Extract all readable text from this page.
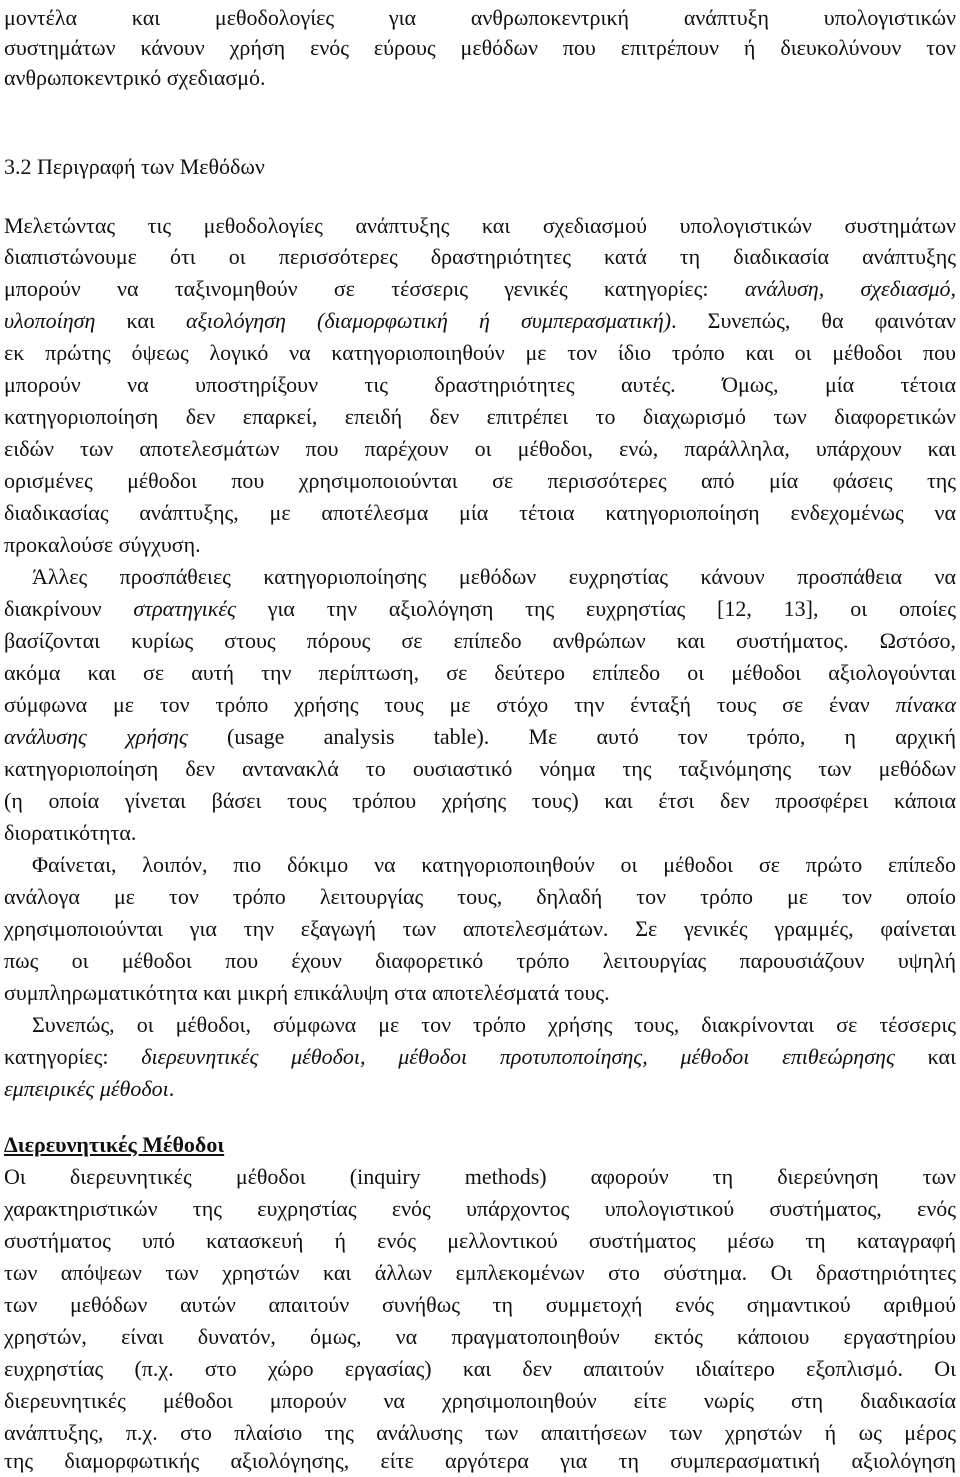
μοντέλα και μεθοδολογίες για ανθρωποκεντρική ανάπτυξη υπολογιστικών
συστημάτων κάνουν χρήση ενός εύρους μεθόδων που επιτρέπουν ή διευκολύνουν τον
ανθρωποκεντρικό σχεδιασμό.
3.2 Περιγραφή των Μεθόδων
Μελετώντας τις μεθοδολογίες ανάπτυξης και σχεδιασμού υπολογιστικών συστημάτων
διαπιστώνουμε ότι οι περισσότερες δραστηριότητες κατά τη διαδικασία ανάπτυξης
μπορούν να ταξινομηθούν σε τέσσερις γενικές κατηγορίες: ανάλυση, σχεδιασμό,
υλοποίηση και αξιολόγηση (διαμορφωτική ή συμπερασματική). Συνεπώς, θα φαινόταν
εκ πρώτης όψεως λογικό να κατηγοριοποιηθούν με τον ίδιο τρόπο και οι μέθοδοι που
μπορούν να υποστηρίξουν τις δραστηριότητες αυτές. Όμως, μία τέτοια
κατηγοριοποίηση δεν επαρκεί, επειδή δεν επιτρέπει το διαχωρισμό των διαφορετικών
ειδών των αποτελεσμάτων που παρέχουν οι μέθοδοι, ενώ, παράλληλα, υπάρχουν και
ορισμένες μέθοδοι που χρησιμοποιούνται σε περισσότερες από μία φάσεις της
διαδικασίας ανάπτυξης, με αποτέλεσμα μία τέτοια κατηγοριοποίηση ενδεχομένως να
προκαλούσε σύγχυση.
Άλλες προσπάθειες κατηγοριοποίησης μεθόδων ευχρηστίας κάνουν προσπάθεια να
διακρίνουν στρατηγικές για την αξιολόγηση της ευχρηστίας [12, 13], οι οποίες
βασίζονται κυρίως στους πόρους σε επίπεδο ανθρώπων και συστήματος. Ωστόσο,
ακόμα και σε αυτή την περίπτωση, σε δεύτερο επίπεδο οι μέθοδοι αξιολογούνται
σύμφωνα με τον τρόπο χρήσης τους με στόχο την ένταξή τους σε έναν πίνακα
ανάλυσης χρήσης (usage analysis table). Με αυτό τον τρόπο, η αρχική
κατηγοριοποίηση δεν αντανακλά το ουσιαστικό νόημα της ταξινόμησης των μεθόδων
(η οποία γίνεται βάσει τους τρόπου χρήσης τους) και έτσι δεν προσφέρει κάποια
διορατικότητα.
Φαίνεται, λοιπόν, πιο δόκιμο να κατηγοριοποιηθούν οι μέθοδοι σε πρώτο επίπεδο
ανάλογα με τον τρόπο λειτουργίας τους, δηλαδή τον τρόπο με τον οποίο
χρησιμοποιούνται για την εξαγωγή των αποτελεσμάτων. Σε γενικές γραμμές, φαίνεται
πως οι μέθοδοι που έχουν διαφορετικό τρόπο λειτουργίας παρουσιάζουν υψηλή
συμπληρωματικότητα και μικρή επικάλυψη στα αποτελέσματά τους.
Συνεπώς, οι μέθοδοι, σύμφωνα με τον τρόπο χρήσης τους, διακρίνονται σε τέσσερις
κατηγορίες: διερευνητικές μέθοδοι, μέθοδοι προτυποποίησης, μέθοδοι επιθεώρησης και
εμπειρικές μέθοδοι.
Διερευνητικές Μέθοδοι
Οι διερευνητικές μέθοδοι (inquiry methods) αφορούν τη διερεύνηση των
χαρακτηριστικών της ευχρηστίας ενός υπάρχοντος υπολογιστικού συστήματος, ενός
συστήματος υπό κατασκευή ή ενός μελλοντικού συστήματος μέσω τη καταγραφή
των απόψεων των χρηστών και άλλων εμπλεκομένων στο σύστημα. Οι δραστηριότητες
των μεθόδων αυτών απαιτούν συνήθως τη συμμετοχή ενός σημαντικού αριθμού
χρηστών, είναι δυνατόν, όμως, να πραγματοποιηθούν εκτός κάποιου εργαστηρίου
ευχρηστίας (π.χ. στο χώρο εργασίας) και δεν απαιτούν ιδιαίτερο εξοπλισμό. Οι
διερευνητικές μέθοδοι μπορούν να χρησιμοποιηθούν είτε νωρίς στη διαδικασία
ανάπτυξης, π.χ. στο πλαίσιο της ανάλυσης των απαιτήσεων των χρηστών ή ως μέρος
της διαμορφωτικής αξιολόγησης, είτε αργότερα για τη συμπερασματική αξιολόγηση
